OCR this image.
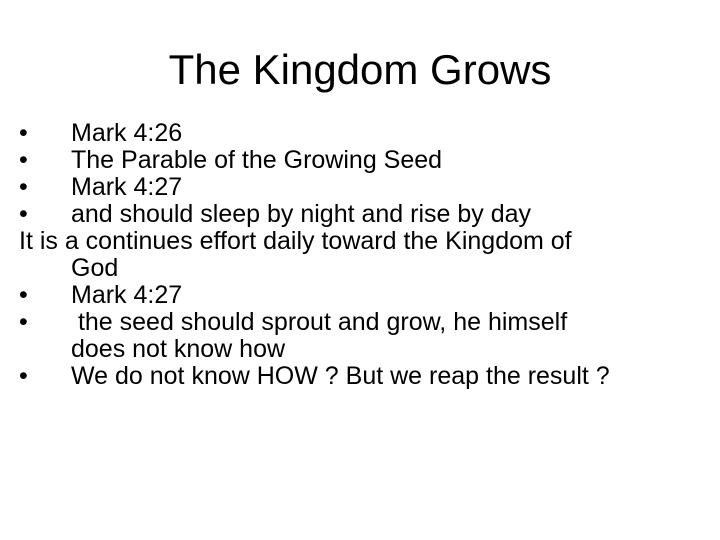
The Kingdom Grows
•	Mark 4:26
•	The Parable of the Growing Seed
•	Mark 4:27
•	and should sleep by night and rise by day
It is a continues effort daily toward the Kingdom of
God
•	Mark 4:27
•	the seed should sprout and grow, he himself
does not know how
•	We do not know HOW ? But we reap the result ?
